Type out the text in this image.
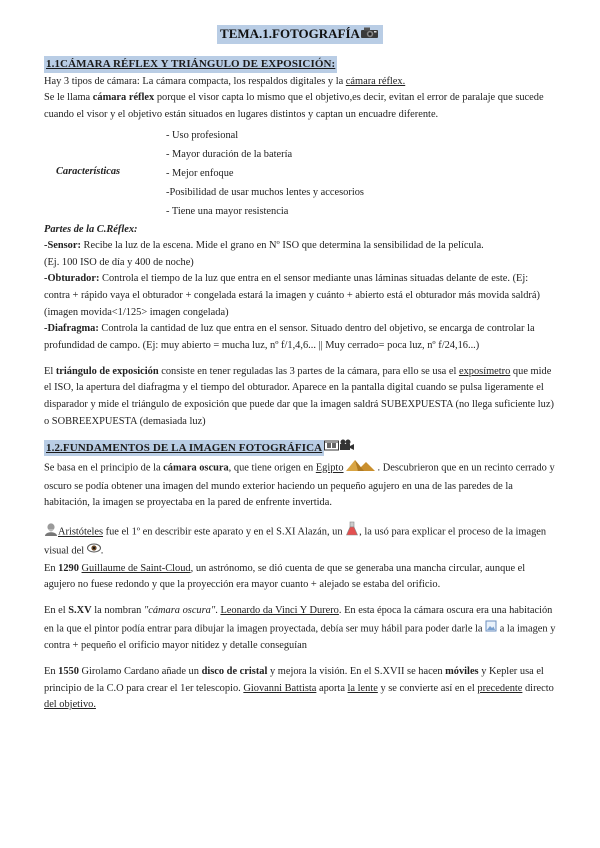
TEMA.1.FOTOGRAFÍA
1.1CÁMARA RÉFLEX Y TRIÁNGULO DE EXPOSICIÓN:

Hay 3 tipos de cámara: La cámara compacta, los respaldos digitales y la cámara réflex.

Se le llama cámara réflex porque el visor capta lo mismo que el objetivo,es decir, evitan el error de paralaje que sucede cuando el visor y el objetivo están situados en lugares distintos y captan un encuadre diferente.

Características
- Uso profesional
- Mayor duración de la batería
- Mejor enfoque
-Posibilidad de usar muchos lentes y accesorios
- Tiene una mayor resistencia

Partes de la C.Réflex:

-Sensor: Recibe la luz de la escena. Mide el grano en Nº ISO que determina la sensibilidad de la película.

(Ej. 100 ISO de día y 400 de noche)

-Obturador: Controla el tiempo de la luz que entra en el sensor mediante unas láminas situadas delante de este. (Ej: contra + rápido vaya el obturador + congelada estará la imagen y cuánto + abierto está el obturador más movida saldrá) (imagen movida<1/125> imagen congelada)

-Diafragma: Controla la cantidad de luz que entra en el sensor. Situado dentro del objetivo, se encarga de controlar la profundidad de campo. (Ej: muy abierto = mucha luz, nº f/1,4,6... || Muy cerrado= poca luz, nº f/24,16...)

El triángulo de exposición consiste en tener reguladas las 3 partes de la cámara, para ello se usa el exposímetro que mide el ISO, la apertura del diafragma y el tiempo del obturador. Aparece en la pantalla digital cuando se pulsa ligeramente el disparador y mide el triángulo de exposición que puede dar que la imagen saldrá SUBEXPUESTA (no llega suficiente luz) o SOBREEXPUESTA (demasiada luz)

1.2.FUNDAMENTOS DE LA IMAGEN FOTOGRÁFICA

Se basa en el principio de la cámara oscura, que tiene origen en Egipto	. Descubrieron que en un recinto cerrado y oscuro se podía obtener una imagen del mundo exterior haciendo un pequeño agujero en una de las paredes de la habitación, la imagen se proyectaba en la pared de enfrente invertida.

Aristóteles fue el 1º en describir este aparato y en el S.XI Alazán, un , la usó para explicar el proceso de la imagen visual del .

En 1290 Guillaume de Saint-Cloud, un astrónomo, se dió cuenta de que se generaba una mancha circular, aunque el agujero no fuese redondo y que la proyección era mayor cuanto + alejado se estaba del orificio.

En el S.XV la nombran "cámara oscura". Leonardo da Vinci Y Durero. En esta época la cámara oscura era una habitación en la que el pintor podía entrar para dibujar la imagen proyectada, debía ser muy hábil para poder darle la  a la imagen y contra + pequeño el orificio mayor nitidez y detalle conseguían

En 1550 Girolamo Cardano añade un disco de cristal y mejora la visión. En el S.XVII se hacen móviles y Kepler usa el principio de la C.O para crear el 1er telescopio. Giovanni Battista aporta la lente y se convierte así en el precedente directo del objetivo.
